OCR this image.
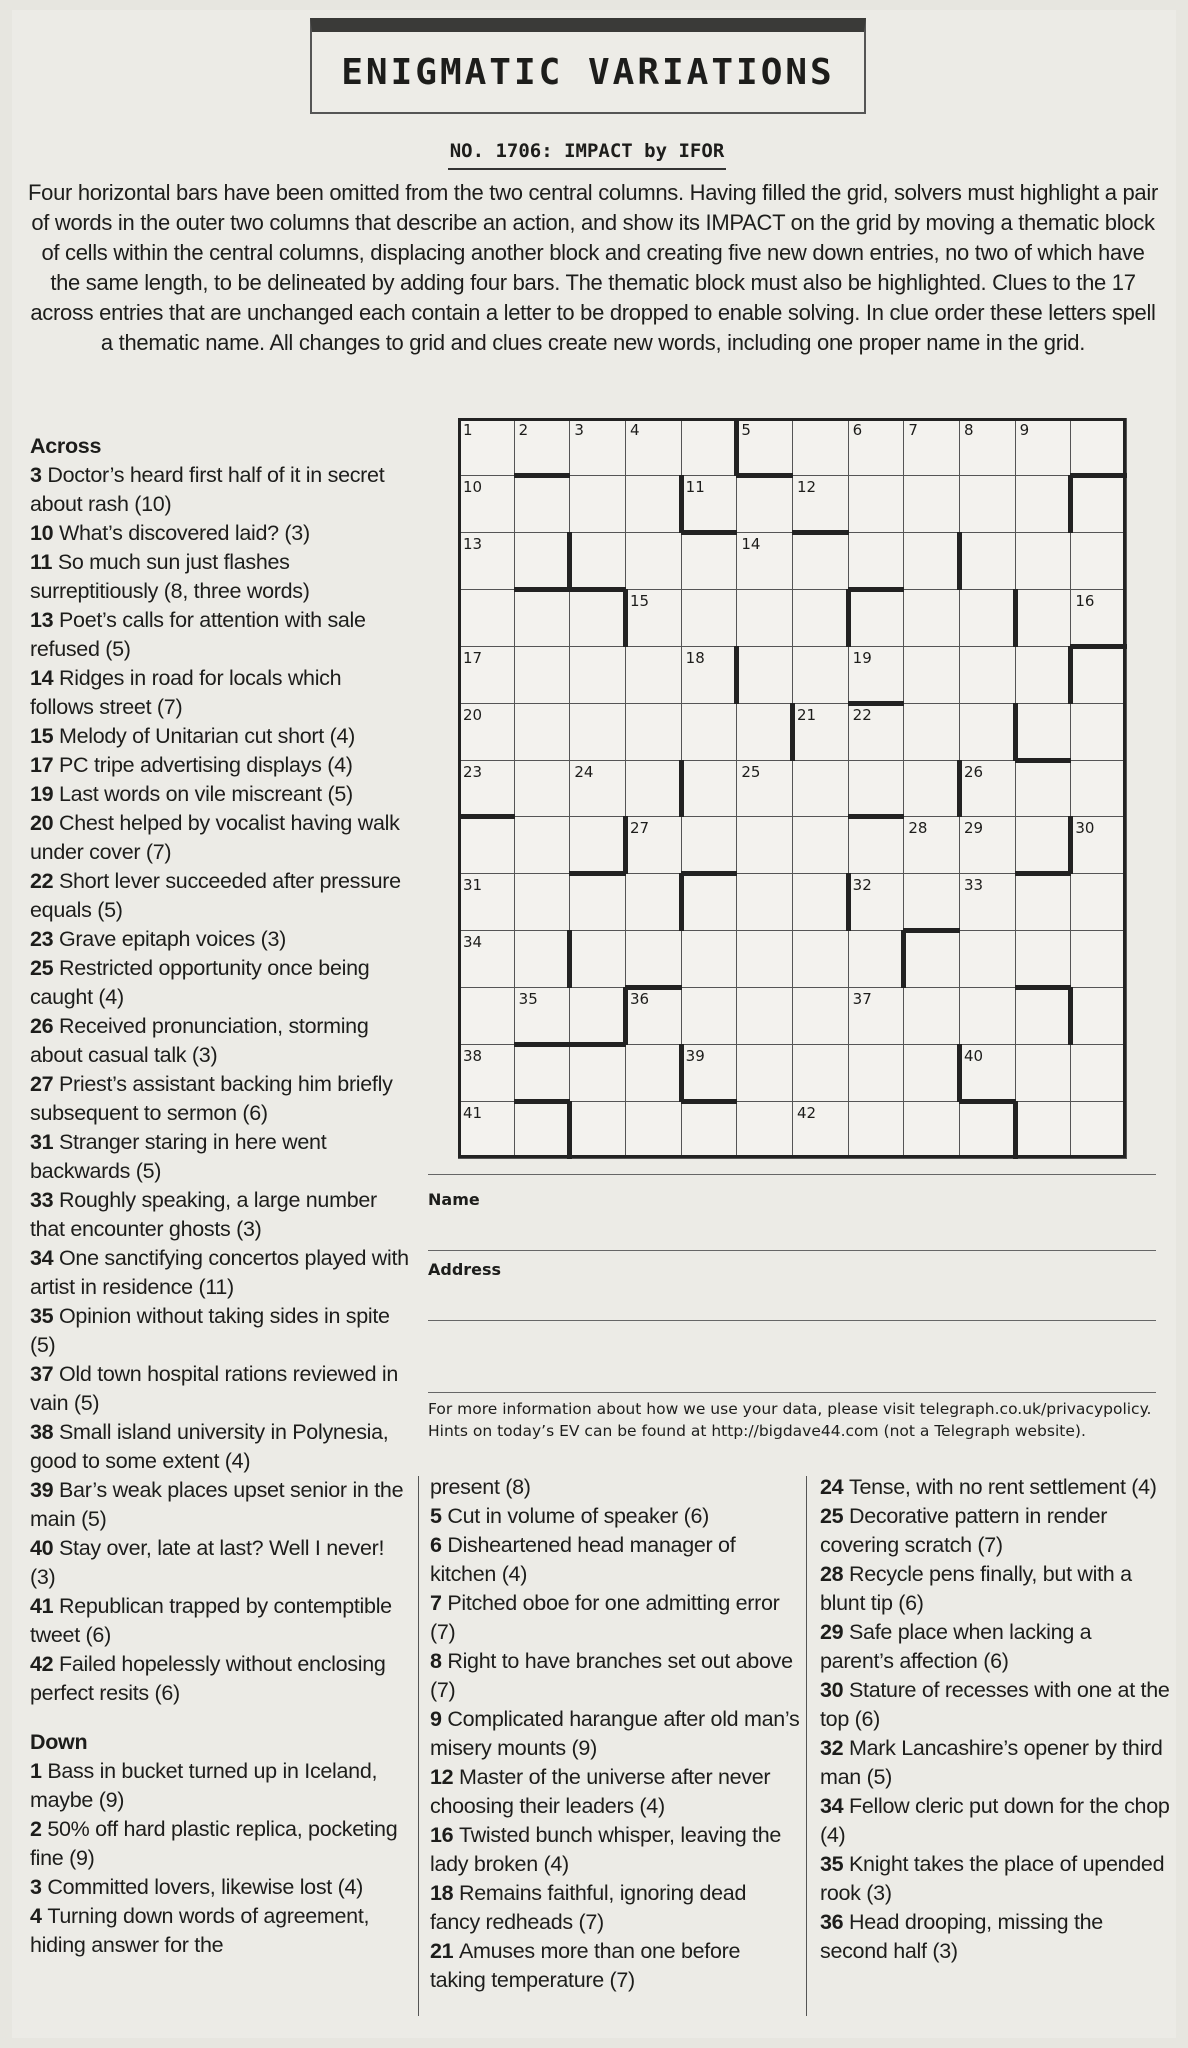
ENIGMATIC VARIATIONS
NO. 1706: IMPACT by IFOR
Four horizontal bars have been omitted from the two central columns. Having filled the grid, solvers must highlight a pair of words in the outer two columns that describe an action, and show its IMPACT on the grid by moving a thematic block of cells within the central columns, displacing another block and creating five new down entries, no two of which have the same length, to be delineated by adding four bars. The thematic block must also be highlighted. Clues to the 17 across entries that are unchanged each contain a letter to be dropped to enable solving. In clue order these letters spell a thematic name. All changes to grid and clues create new words, including one proper name in the grid.
Across
3 Doctor’s heard first half of it in secret about rash (10)
10 What’s discovered laid? (3)
11 So much sun just flashes surreptitiously (8, three words)
13 Poet’s calls for attention with sale refused (5)
14 Ridges in road for locals which follows street (7)
15 Melody of Unitarian cut short (4)
17 PC tripe advertising displays (4)
19 Last words on vile miscreant (5)
20 Chest helped by vocalist having walk under cover (7)
22 Short lever succeeded after pressure equals (5)
23 Grave epitaph voices (3)
25 Restricted opportunity once being caught (4)
26 Received pronunciation, storming about casual talk (3)
27 Priest’s assistant backing him briefly subsequent to sermon (6)
31 Stranger staring in here went backwards (5)
33 Roughly speaking, a large number that encounter ghosts (3)
34 One sanctifying concertos played with artist in residence (11)
35 Opinion without taking sides in spite (5)
37 Old town hospital rations reviewed in vain (5)
38 Small island university in Polynesia, good to some extent (4)
39 Bar’s weak places upset senior in the main (5)
40 Stay over, late at last? Well I never! (3)
41 Republican trapped by contemptible tweet (6)
42 Failed hopelessly without enclosing perfect resits (6)
Down
1 Bass in bucket turned up in Iceland, maybe (9)
2 50% off hard plastic replica, pocketing fine (9)
3 Committed lovers, likewise lost (4)
4 Turning down words of agreement, hiding answer for the
present (8)
5 Cut in volume of speaker (6)
6 Disheartened head manager of kitchen (4)
7 Pitched oboe for one admitting error (7)
8 Right to have branches set out above (7)
9 Complicated harangue after old man’s misery mounts (9)
12 Master of the universe after never choosing their leaders (4)
16 Twisted bunch whisper, leaving the lady broken (4)
18 Remains faithful, ignoring dead fancy redheads (7)
21 Amuses more than one before taking temperature (7)
24 Tense, with no rent settlement (4)
25 Decorative pattern in render covering scratch (7)
28 Recycle pens finally, but with a blunt tip (6)
29 Safe place when lacking a parent’s affection (6)
30 Stature of recesses with one at the top (6)
32 Mark Lancashire’s opener by third man (5)
34 Fellow cleric put down for the chop (4)
35 Knight takes the place of upended rook (3)
36 Head drooping, missing the second half (3)
1	2	3	4	5	6	7	8	9
10	11	12
13	14
15	16
17	18	19
20	21 22
23	24	25	26
27	28 29	30
31	32	33
34
35	36	37
38	39	40
41	42
Name
Address
For more information about how we use your data, please visit telegraph.co.uk/privacypolicy.
Hints on today’s EV can be found at http://bigdave44.com (not a Telegraph website).
